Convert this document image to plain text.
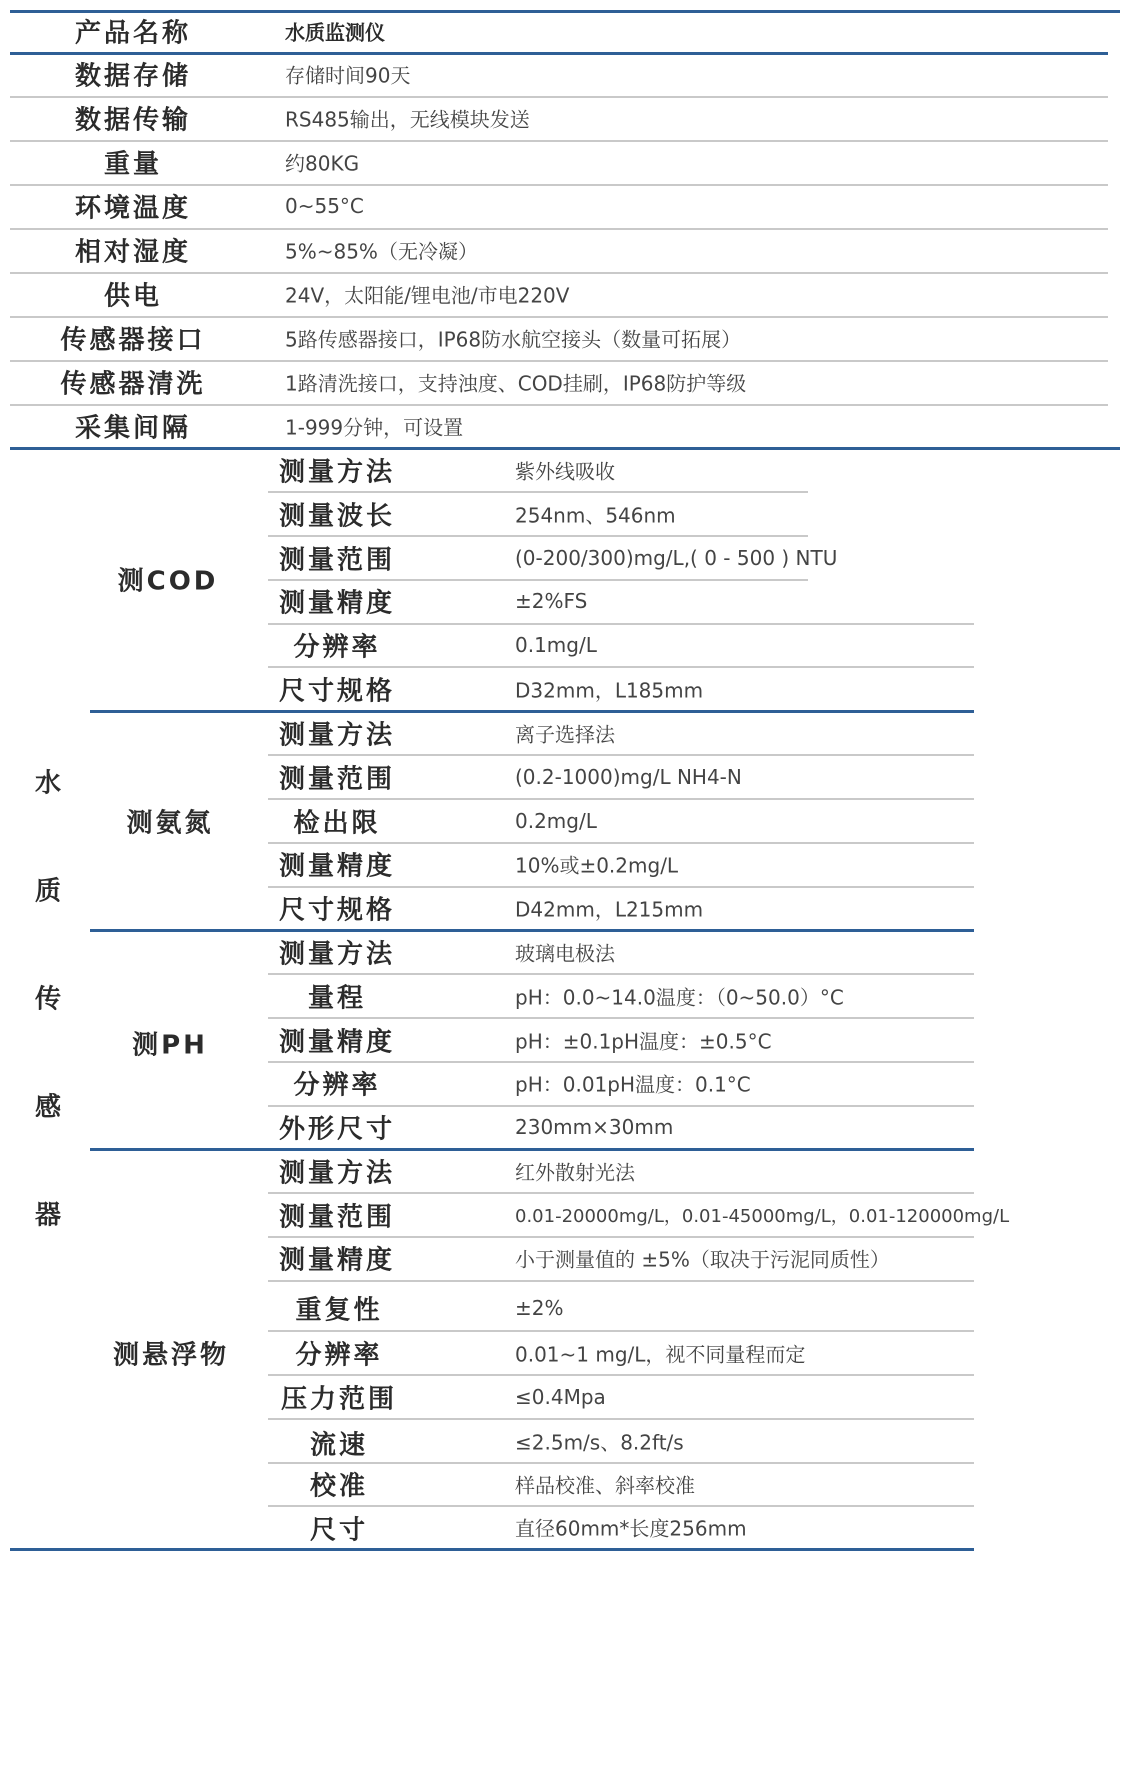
产品名称	水质监测仪
数据存储	存储时间90天
数据传输	RS485输出，无线模块发送
重量	约80KG
环境温度	0~55°C
相对湿度	5%~85%（无冷凝）
供电	24V，太阳能/锂电池/市电220V
传感器接口	5路传感器接口，IP68防水航空接头（数量可拓展）
传感器清洗	1路清洗接口，支持浊度、COD挂刷，IP68防护等级
采集间隔	1-999分钟，可设置
水
质
传
感
器
测COD
测量方法	紫外线吸收
测量波长	254nm、546nm
测量范围	(0-200/300)mg/L,( 0 - 500 ) NTU
测量精度	±2%FS
分辨率	0.1mg/L
尺寸规格	D32mm，L185mm
测氨氮
测量方法	离子选择法
测量范围	(0.2-1000)mg/L NH4-N
检出限	0.2mg/L
测量精度	10%或±0.2mg/L
尺寸规格	D42mm，L215mm
测PH
测量方法	玻璃电极法
量程	pH：0.0~14.0温度：（0~50.0）°C
测量精度	pH：±0.1pH温度：±0.5°C
分辨率	pH：0.01pH温度：0.1°C
外形尺寸	230mm×30mm
测悬浮物
测量方法	红外散射光法
测量范围	0.01-20000mg/L，0.01-45000mg/L，0.01-120000mg/L
测量精度	小于测量值的 ±5%（取决于污泥同质性）
重复性	±2%
分辨率	0.01~1 mg/L，视不同量程而定
压力范围	≤0.4Mpa
流速	≤2.5m/s、8.2ft/s
校准	样品校准、斜率校准
尺寸	直径60mm*长度256mm
